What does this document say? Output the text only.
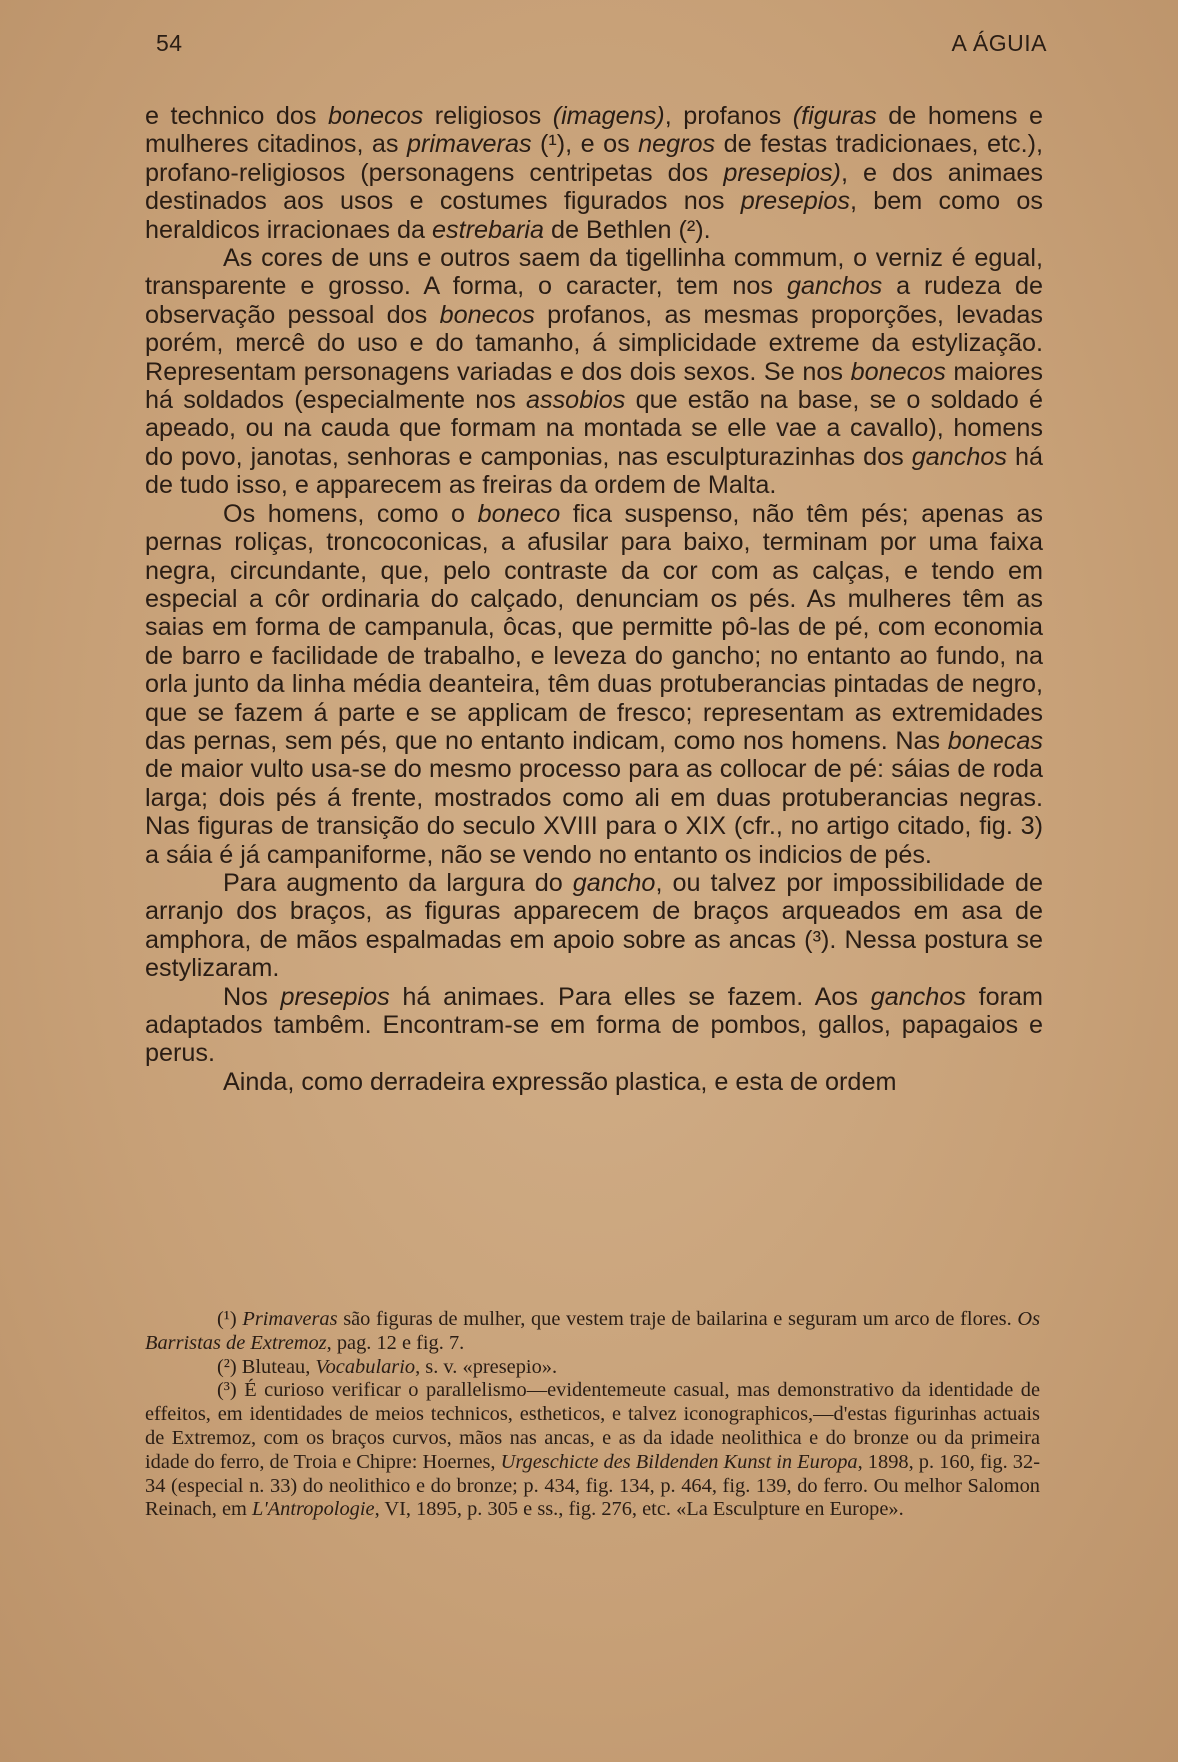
54	A ÁGUIA

e technico dos bonecos religiosos (imagens), profanos (figuras de homens e mulheres citadinos, as primaveras (¹), e os negros de festas tradicionaes, etc.), profano-religiosos (personagens centripetas dos presepios), e dos animaes destinados aos usos e costumes figurados nos presepios, bem como os heraldicos irracionaes da estrebaria de Bethlen (²).

As cores de uns e outros saem da tigellinha commum, o verniz é egual, transparente e grosso. A forma, o caracter, tem nos ganchos a rudeza de observação pessoal dos bonecos profanos, as mesmas proporções, levadas porém, mercê do uso e do tamanho, á simplicidade extreme da estylização. Representam personagens variadas e dos dois sexos. Se nos bonecos maiores há soldados (especialmente nos assobios que estão na base, se o soldado é apeado, ou na cauda que formam na montada se elle vae a cavallo), homens do povo, janotas, senhoras e camponias, nas esculpturazinhas dos ganchos há de tudo isso, e apparecem as freiras da ordem de Malta.

Os homens, como o boneco fica suspenso, não têm pés; apenas as pernas roliças, troncoconicas, a afusilar para baixo, terminam por uma faixa negra, circundante, que, pelo contraste da cor com as calças, e tendo em especial a côr ordinaria do calçado, denunciam os pés. As mulheres têm as saias em forma de campanula, ôcas, que permitte pô-las de pé, com economia de barro e facilidade de trabalho, e leveza do gancho; no entanto ao fundo, na orla junto da linha média deanteira, têm duas protuberancias pintadas de negro, que se fazem á parte e se applicam de fresco; representam as extremidades das pernas, sem pés, que no entanto indicam, como nos homens. Nas bonecas de maior vulto usa-se do mesmo processo para as collocar de pé: sáias de roda larga; dois pés á frente, mostrados como ali em duas protuberancias negras. Nas figuras de transição do seculo XVIII para o XIX (cfr., no artigo citado, fig. 3) a sáia é já campaniforme, não se vendo no entanto os indicios de pés.

Para augmento da largura do gancho, ou talvez por impossibilidade de arranjo dos braços, as figuras apparecem de braços arqueados em asa de amphora, de mãos espalmadas em apoio sobre as ancas (³). Nessa postura se estylizaram.

Nos presepios há animaes. Para elles se fazem. Aos ganchos foram adaptados tambêm. Encontram-se em forma de pombos, gallos, papagaios e perus.

Ainda, como derradeira expressão plastica, e esta de ordem

(¹) Primaveras são figuras de mulher, que vestem traje de bailarina e seguram um arco de flores. Os Barristas de Extremoz, pag. 12 e fig. 7.

(²) Bluteau, Vocabulario, s. v. «presepio».

(³) É curioso verificar o parallelismo—evidentemeute casual, mas demonstrativo da identidade de effeitos, em identidades de meios technicos, estheticos, e talvez iconographicos,—d'estas figurinhas actuais de Extremoz, com os braços curvos, mãos nas ancas, e as da idade neolithica e do bronze ou da primeira idade do ferro, de Troia e Chipre: Hoernes, Urgeschicte des Bildenden Kunst in Europa, 1898, p. 160, fig. 32-34 (especial n. 33) do neolithico e do bronze; p. 434, fig. 134, p. 464, fig. 139, do ferro. Ou melhor Salomon Reinach, em L'Antropologie, VI, 1895, p. 305 e ss., fig. 276, etc. «La Esculpture en Europe».
